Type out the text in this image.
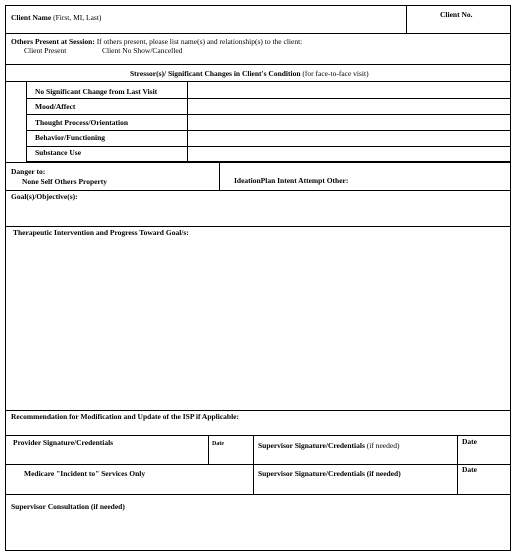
Client Name (First, MI, Last)	Client No.
Others Present at Session: If others present, please list name(s) and relationship(s) to the client:
Client Present	Client No Show/Cancelled
Stressor(s)/ Significant Changes in Client's Condition (for face-to-face visit)
No Significant Change from Last Visit
Mood/Affect
Thought Process/Orientation
Behavior/Functioning
Substance Use
Danger to:
None Self Others Property	IdeationPlan Intent Attempt Other:
Goal(s)/Objective(s):
Therapeutic Intervention and Progress Toward Goal/s:
Recommendation for Modification and Update of the ISP if Applicable:
Provider Signature/Credentials	Date	Supervisor Signature/Credentials (if needed)	Date
Medicare "Incident to" Services Only	Supervisor Signature/Credentials (if needed)	Date
Supervisor Consultation (if needed)
